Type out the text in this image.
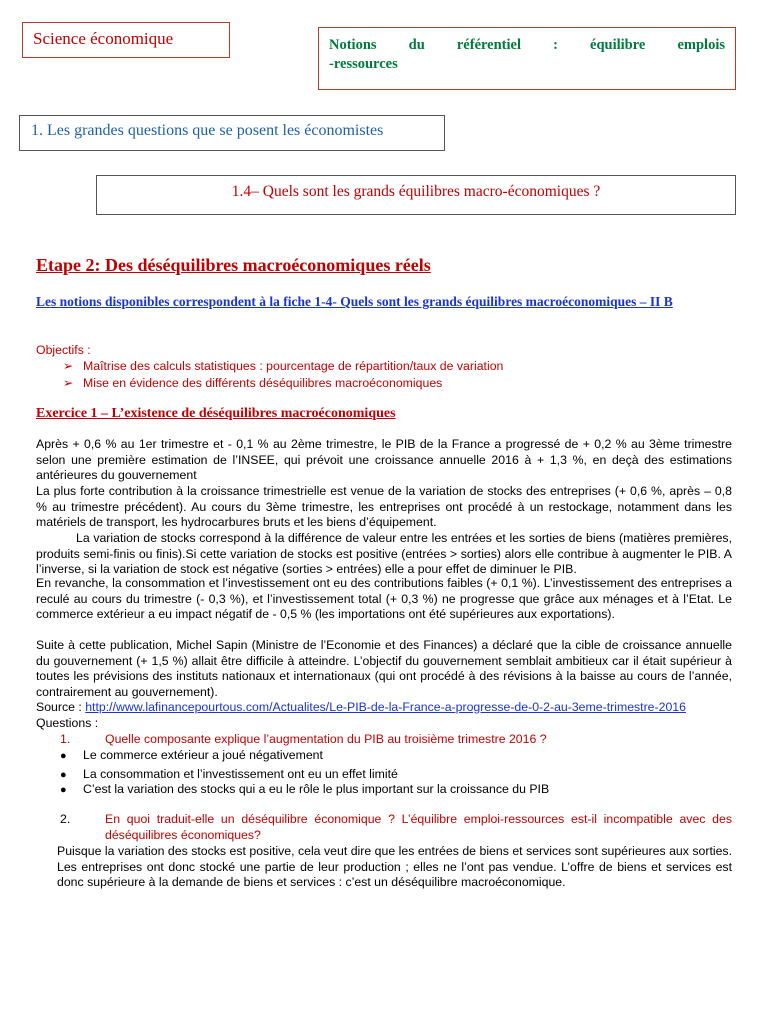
Science économique	Notions du référentiel : équilibre emplois
-ressources
1. Les grandes questions que se posent les économistes
1.4– Quels sont les grands équilibres macro-économiques ?
Etape 2: Des déséquilibres macroéconomiques réels
Les notions disponibles correspondent à la fiche 1-4- Quels sont les grands équilibres macroéconomiques – II B
Objectifs :
➢ Maîtrise des calculs statistiques : pourcentage de répartition/taux de variation
➢ Mise en évidence des différents déséquilibres macroéconomiques
Exercice 1 – L’existence de déséquilibres macroéconomiques
Après + 0,6 % au 1er trimestre et - 0,1 % au 2ème trimestre, le PIB de la France a progressé de + 0,2 % au 3ème trimestre selon une première estimation de l’INSEE, qui prévoit une croissance annuelle 2016 à + 1,3 %, en deçà des estimations antérieures du gouvernement
La plus forte contribution à la croissance trimestrielle est venue de la variation de stocks des entreprises (+ 0,6 %, après – 0,8 % au trimestre précédent). Au cours du 3ème trimestre, les entreprises ont procédé à un restockage, notamment dans les matériels de transport, les hydrocarbures bruts et les biens d’équipement.
La variation de stocks correspond à la différence de valeur entre les entrées et les sorties de biens (matières premières, produits semi-finis ou finis).Si cette variation de stocks est positive (entrées > sorties) alors elle contribue à augmenter le PIB. A l’inverse, si la variation de stock est négative (sorties > entrées) elle a pour effet de diminuer le PIB.
En revanche, la consommation et l’investissement ont eu des contributions faibles (+ 0,1 %). L’investissement des entreprises a reculé au cours du trimestre (- 0,3 %), et l’investissement total (+ 0,3 %) ne progresse que grâce aux ménages et à l’Etat. Le commerce extérieur a eu impact négatif de - 0,5 % (les importations ont été supérieures aux exportations).
Suite à cette publication, Michel Sapin (Ministre de l’Economie et des Finances) a déclaré que la cible de croissance annuelle du gouvernement (+ 1,5 %) allait être difficile à atteindre. L’objectif du gouvernement semblait ambitieux car il était supérieur à toutes les prévisions des instituts nationaux et internationaux (qui ont procédé à des révisions à la baisse au cours de l’année, contrairement au gouvernement).
Source : http://www.lafinancepourtous.com/Actualites/Le-PIB-de-la-France-a-progresse-de-0-2-au-3eme-trimestre-2016
Questions :
1.	Quelle composante explique l’augmentation du PIB au troisième trimestre 2016 ?
● Le commerce extérieur a joué négativement
● La consommation et l’investissement ont eu un effet limité
● C’est la variation des stocks qui a eu le rôle le plus important sur la croissance du PIB
2.	En quoi traduit-elle un déséquilibre économique ? L’équilibre emploi-ressources est-il incompatible avec des déséquilibres économiques?
Puisque la variation des stocks est positive, cela veut dire que les entrées de biens et services sont supérieures aux sorties. Les entreprises ont donc stocké une partie de leur production ; elles ne l’ont pas vendue. L’offre de biens et services est donc supérieure à la demande de biens et services : c’est un déséquilibre macroéconomique.
